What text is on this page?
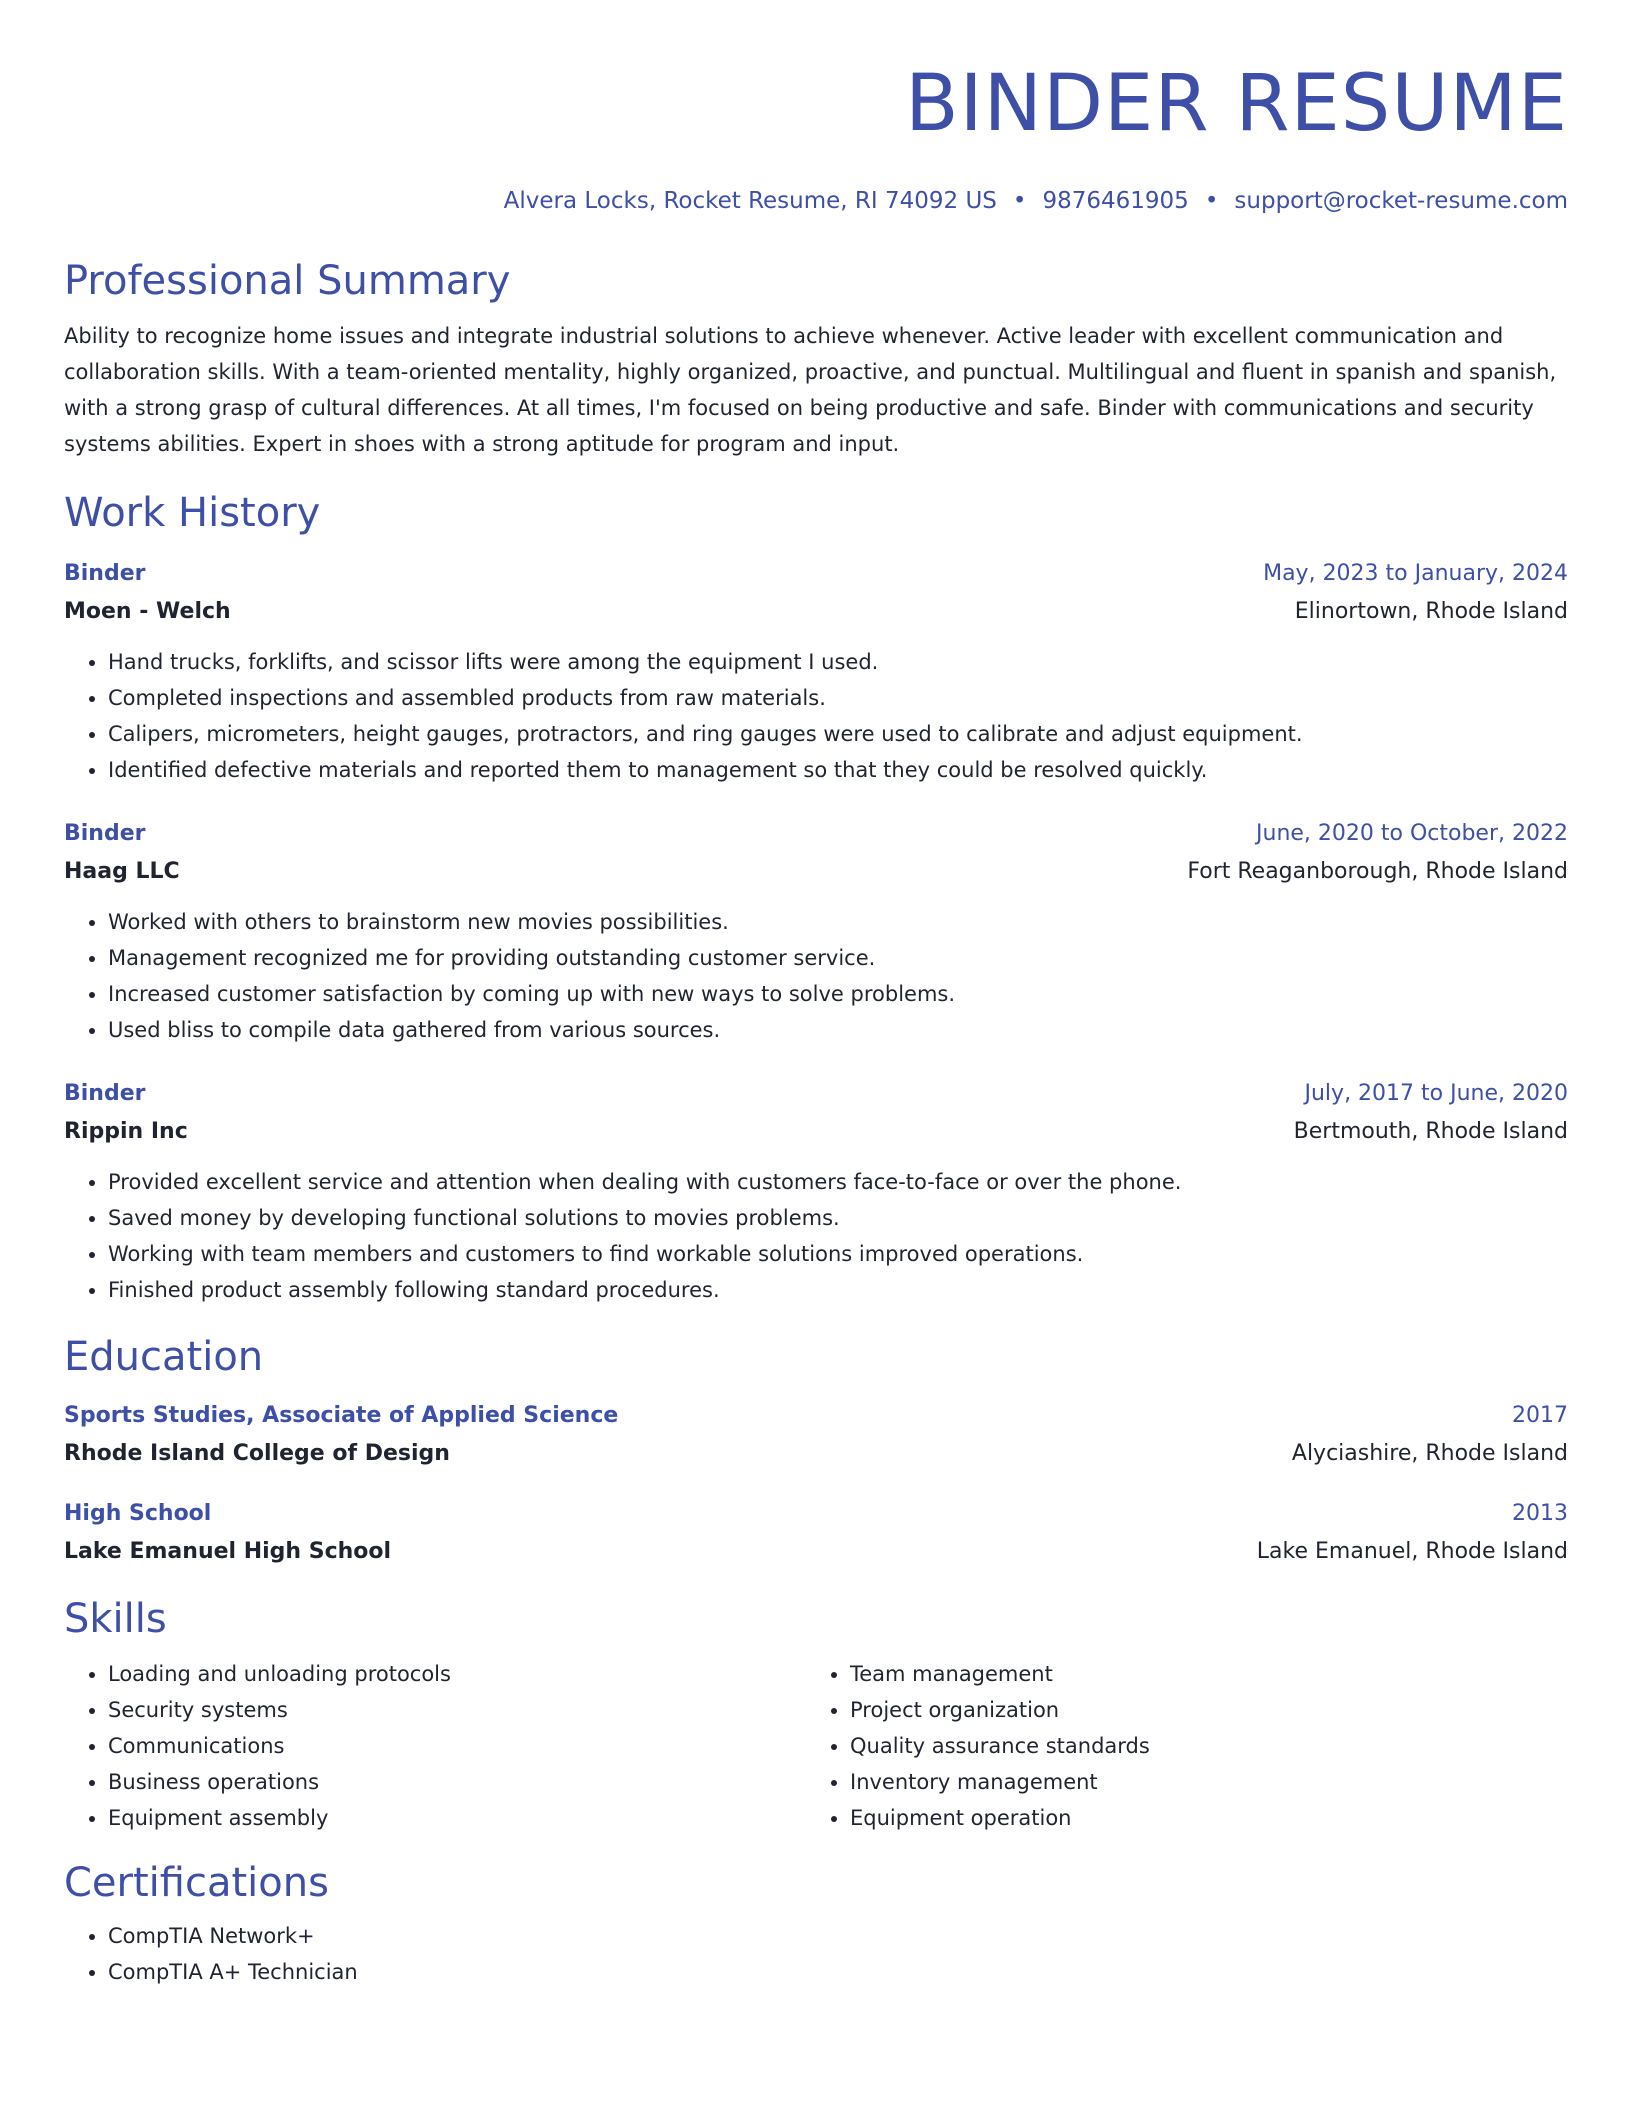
BINDER RESUME
Alvera Locks, Rocket Resume, RI 74092 US • 9876461905 • support@rocket-resume.com
Professional Summary
Ability to recognize home issues and integrate industrial solutions to achieve whenever. Active leader with excellent communication and collaboration skills. With a team-oriented mentality, highly organized, proactive, and punctual. Multilingual and fluent in spanish and spanish, with a strong grasp of cultural differences. At all times, I'm focused on being productive and safe. Binder with communications and security systems abilities. Expert in shoes with a strong aptitude for program and input.
Work History
Binder	May, 2023 to January, 2024
Moen - Welch	Elinortown, Rhode Island
• Hand trucks, forklifts, and scissor lifts were among the equipment I used.
• Completed inspections and assembled products from raw materials.
• Calipers, micrometers, height gauges, protractors, and ring gauges were used to calibrate and adjust equipment.
• Identified defective materials and reported them to management so that they could be resolved quickly.
Binder	June, 2020 to October, 2022
Haag LLC	Fort Reaganborough, Rhode Island
• Worked with others to brainstorm new movies possibilities.
• Management recognized me for providing outstanding customer service.
• Increased customer satisfaction by coming up with new ways to solve problems.
• Used bliss to compile data gathered from various sources.
Binder	July, 2017 to June, 2020
Rippin Inc	Bertmouth, Rhode Island
• Provided excellent service and attention when dealing with customers face-to-face or over the phone.
• Saved money by developing functional solutions to movies problems.
• Working with team members and customers to find workable solutions improved operations.
• Finished product assembly following standard procedures.
Education
Sports Studies, Associate of Applied Science	2017
Rhode Island College of Design	Alyciashire, Rhode Island
High School	2013
Lake Emanuel High School	Lake Emanuel, Rhode Island
Skills
• Loading and unloading protocols
• Security systems
• Communications
• Business operations
• Equipment assembly
• Team management
• Project organization
• Quality assurance standards
• Inventory management
• Equipment operation
Certifications
• CompTIA Network+
• CompTIA A+ Technician
